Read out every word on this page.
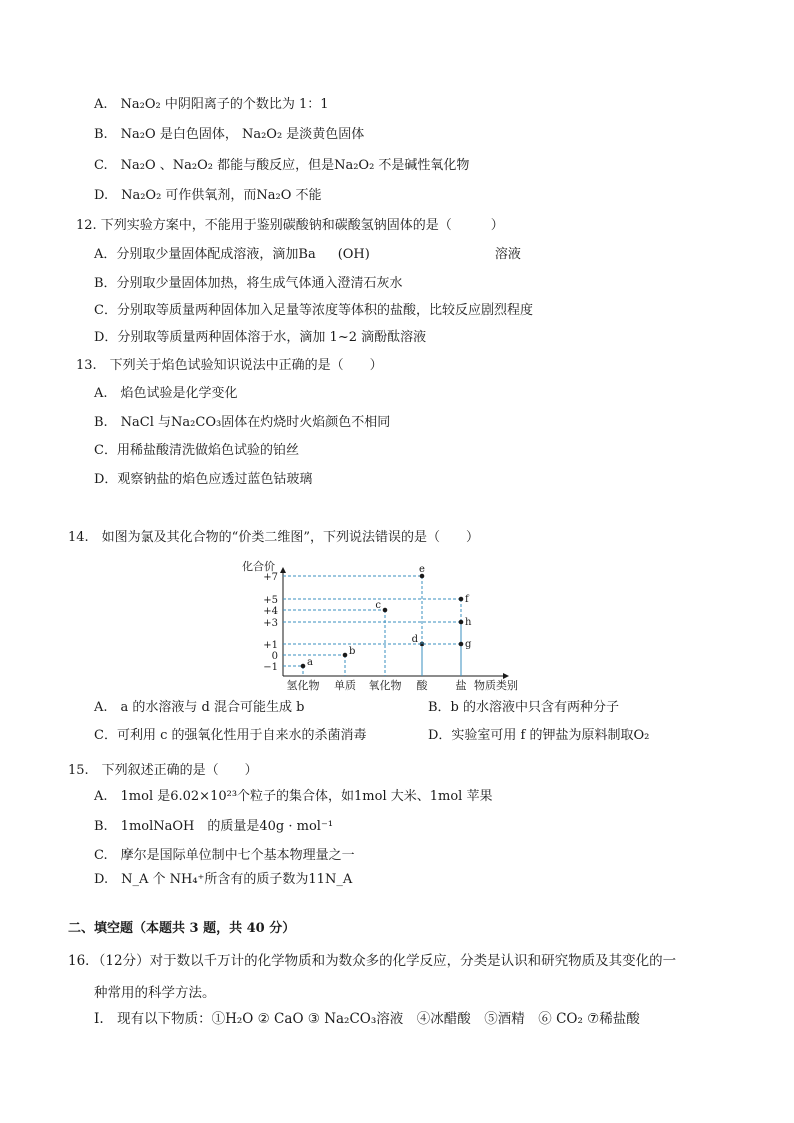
A.　Na₂O₂ 中阴阳离子的个数比为 1：1
B.　Na₂O 是白色固体， Na₂O₂ 是淡黄色固体
C.　Na₂O 、Na₂O₂ 都能与酸反应，但是Na₂O₂ 不是碱性氧化物
D.　Na₂O₂ 可作供氧剂，而Na₂O 不能
12. 下列实验方案中，不能用于鉴别碳酸钠和碳酸氢钠固体的是（　　　）
A．分别取少量固体配成溶液，滴加Ba (OH)	溶液
B．分别取少量固体加热，将生成气体通入澄清石灰水
C．分别取等质量两种固体加入足量等浓度等体积的盐酸，比较反应剧烈程度
D．分别取等质量两种固体溶于水，滴加 1~2 滴酚酞溶液
13.　下列关于焰色试验知识说法中正确的是（　　）
A.　焰色试验是化学变化
B.　NaCl 与Na₂CO₃固体在灼烧时火焰颜色不相同
C．用稀盐酸清洗做焰色试验的铂丝
D．观察钠盐的焰色应透过蓝色钴玻璃
14.　如图为氯及其化合物的“价类二维图”，下列说法错误的是（　　）
化合价
物质类别
+7
+5
+4
+3
+1
0
−1
氢化物 单质 氧化物 酸	盐
a
b
c
d
e
f
h
g
A.　a 的水溶液与 d 混合可能生成 b	B．b 的水溶液中只含有两种分子
C．可利用 c 的强氧化性用于自来水的杀菌消毒	D．实验室可用 f 的钾盐为原料制取O₂
15.　下列叙述正确的是（　　）
A.　1mol 是6.02×10²³个粒子的集合体，如1mol 大米、1mol 苹果
B.　1molNaOH　的质量是40g · mol⁻¹
C.　摩尔是国际单位制中七个基本物理量之一
D.　N_A 个 NH₄⁺所含有的质子数为11N_A
二、填空题（本题共 3 题，共 40 分）
16．（12分）对于数以千万计的化学物质和为数众多的化学反应，分类是认识和研究物质及其变化的一
种常用的科学方法。
I.　现有以下物质：①H₂O ② CaO ③ Na₂CO₃溶液　④冰醋酸　⑤酒精　⑥ CO₂ ⑦稀盐酸
